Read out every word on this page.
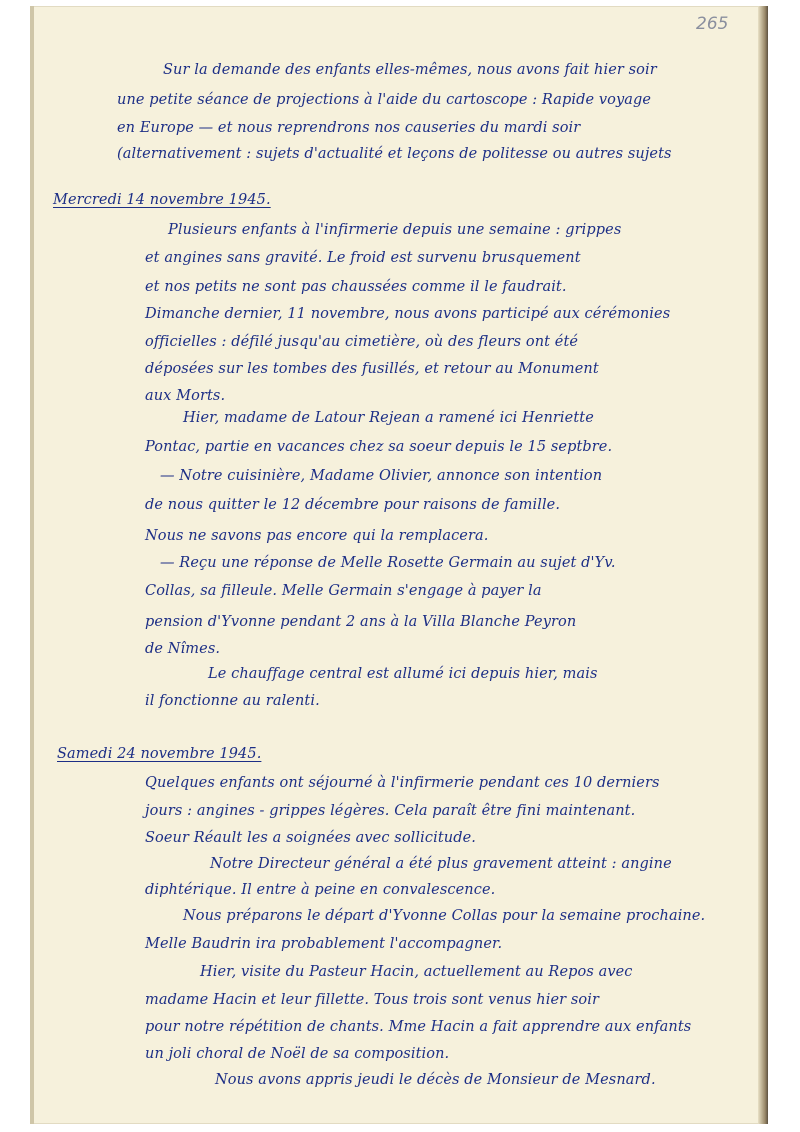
265
Sur la demande des enfants elles-mêmes, nous avons fait hier soir
une petite séance de projections à l'aide du cartoscope : Rapide voyage
en Europe — et nous reprendrons nos causeries du mardi soir
(alternativement : sujets d'actualité et leçons de politesse ou autres sujets
Mercredi 14 novembre 1945.
Plusieurs enfants à l'infirmerie depuis une semaine : grippes
et angines sans gravité. Le froid est survenu brusquement
et nos petits ne sont pas chaussées comme il le faudrait.
Dimanche dernier, 11 novembre, nous avons participé aux cérémonies
officielles : défilé jusqu'au cimetière, où des fleurs ont été
déposées sur les tombes des fusillés, et retour au Monument
aux Morts.
Hier, madame de Latour Rejean a ramené ici Henriette
Pontac, partie en vacances chez sa soeur depuis le 15 septbre.
— Notre cuisinière, Madame Olivier, annonce son intention
de nous quitter le 12 décembre pour raisons de famille.
Nous ne savons pas encore qui la remplacera.
— Reçu une réponse de Melle Rosette Germain au sujet d'Yv.
Collas, sa filleule. Melle Germain s'engage à payer la
pension d'Yvonne pendant 2 ans à la Villa Blanche Peyron
de Nîmes.
Le chauffage central est allumé ici depuis hier, mais
il fonctionne au ralenti.
Samedi 24 novembre 1945.
Quelques enfants ont séjourné à l'infirmerie pendant ces 10 derniers
jours : angines - grippes légères. Cela paraît être fini maintenant.
Soeur Réault les a soignées avec sollicitude.
Notre Directeur général a été plus gravement atteint : angine
diphtérique. Il entre à peine en convalescence.
Nous préparons le départ d'Yvonne Collas pour la semaine prochaine.
Melle Baudrin ira probablement l'accompagner.
Hier, visite du Pasteur Hacin, actuellement au Repos avec
madame Hacin et leur fillette. Tous trois sont venus hier soir
pour notre répétition de chants. Mme Hacin a fait apprendre aux enfants
un joli choral de Noël de sa composition.
Nous avons appris jeudi le décès de Monsieur de Mesnard.
